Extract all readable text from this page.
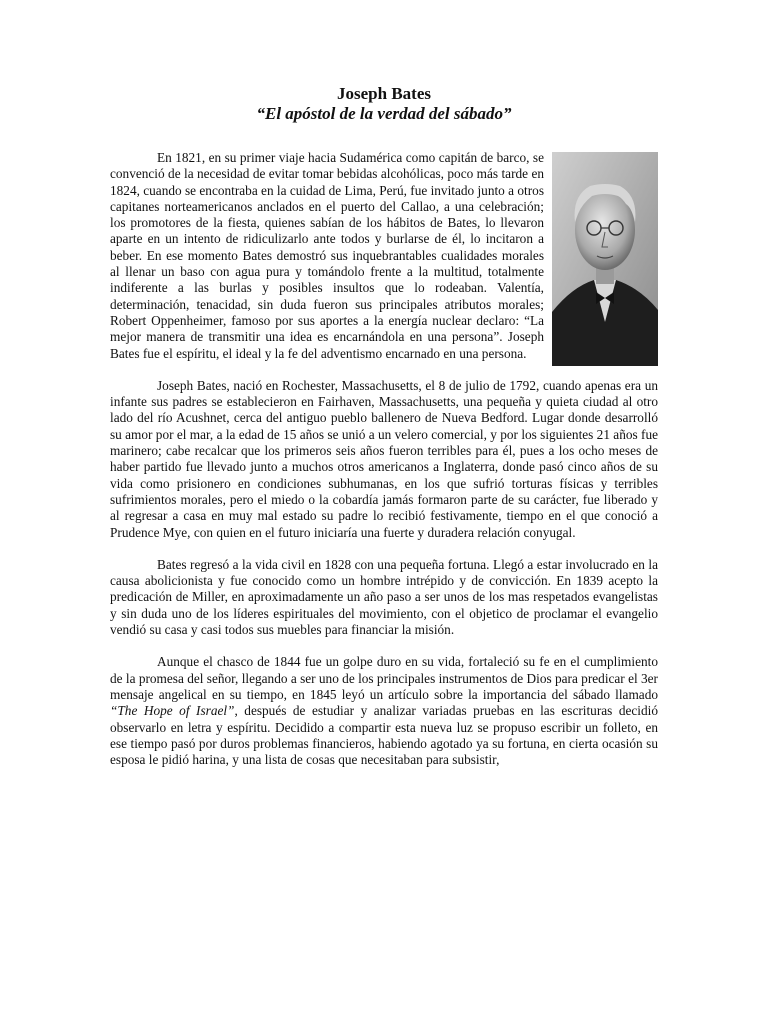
Joseph Bates
“El apóstol de la verdad del sábado”

En 1821, en su primer viaje hacia Sudamérica como capitán de barco, se convenció de la necesidad de evitar tomar bebidas alcohólicas, poco más tarde en 1824, cuando se encontraba en la cuidad de Lima, Perú, fue invitado junto a otros capitanes norteamericanos anclados en el puerto del Callao, a una celebración; los promotores de la fiesta, quienes sabían de los hábitos de Bates, lo llevaron aparte en un intento de ridiculizarlo ante todos y burlarse de él, lo incitaron a beber. En ese momento Bates demostró sus inquebrantables cualidades morales al llenar un baso con agua pura y tomándolo frente a la multitud, totalmente indiferente a las burlas y posibles insultos que lo rodeaban. Valentía, determinación, tenacidad, sin duda fueron sus principales atributos morales; Robert Oppenheimer, famoso por sus aportes a la energía nuclear declaro: “La mejor manera de transmitir una idea es encarnándola en una persona”. Joseph Bates fue el espíritu, el ideal y la fe del adventismo encarnado en una persona.

Joseph Bates, nació en Rochester, Massachusetts, el 8 de julio de 1792, cuando apenas era un infante sus padres se establecieron en Fairhaven, Massachusetts, una pequeña y quieta ciudad al otro lado del río Acushnet, cerca del antiguo pueblo ballenero de Nueva Bedford. Lugar donde desarrolló su amor por el mar, a la edad de 15 años se unió a un velero comercial, y por los siguientes 21 años fue marinero; cabe recalcar que los primeros seis años fueron terribles para él, pues a los ocho meses de haber partido fue llevado junto a muchos otros americanos a Inglaterra, donde pasó cinco años de su vida como prisionero en condiciones subhumanas, en los que sufrió torturas físicas y terribles sufrimientos morales, pero el miedo o la cobardía jamás formaron parte de su carácter, fue liberado y al regresar a casa en muy mal estado su padre lo recibió festivamente, tiempo en el que conoció a Prudence Mye, con quien en el futuro iniciaría una fuerte y duradera relación conyugal.

Bates regresó a la vida civil en 1828 con una pequeña fortuna. Llegó a estar involucrado en la causa abolicionista y fue conocido como un hombre intrépido y de convicción. En 1839 acepto la predicación de Miller, en aproximadamente un año paso a ser unos de los mas respetados evangelistas y sin duda uno de los líderes espirituales del movimiento, con el objetico de proclamar el evangelio vendió su casa y casi todos sus muebles para financiar la misión.

Aunque el chasco de 1844 fue un golpe duro en su vida, fortaleció su fe en el cumplimiento de la promesa del señor, llegando a ser uno de los principales instrumentos de Dios para predicar el 3er mensaje angelical en su tiempo, en 1845 leyó un artículo sobre la importancia del sábado llamado “The Hope of Israel”, después de estudiar y analizar variadas pruebas en las escrituras decidió observarlo en letra y espíritu. Decidido a compartir esta nueva luz se propuso escribir un folleto, en ese tiempo pasó por duros problemas financieros, habiendo agotado ya su fortuna, en cierta ocasión su esposa le pidió harina, y una lista de cosas que necesitaban para subsistir,
